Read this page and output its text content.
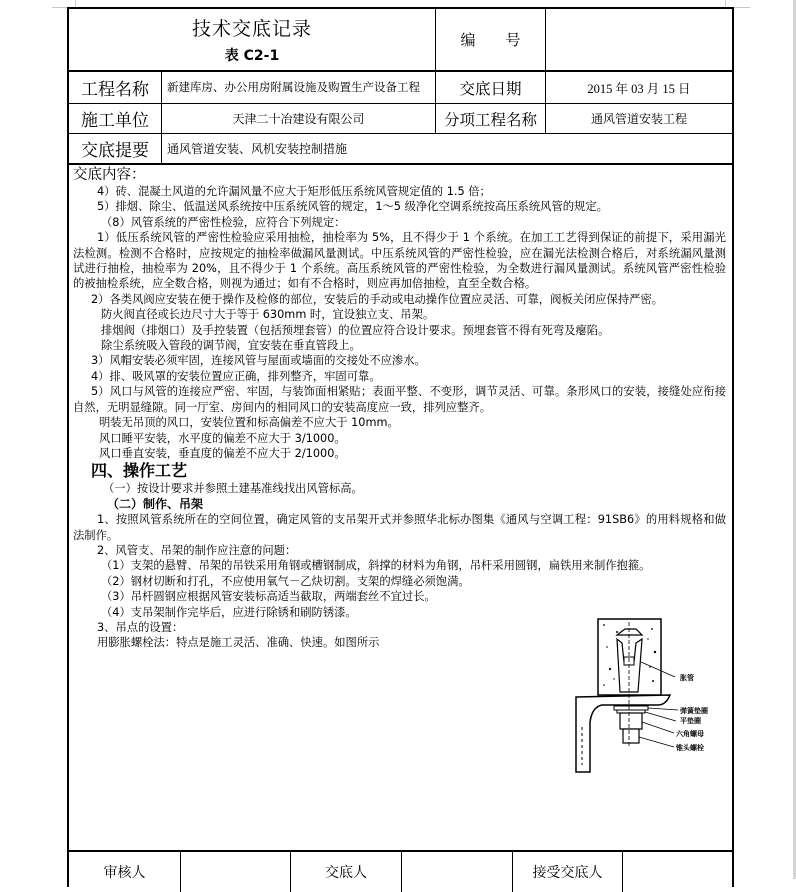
技术交底记录
表 C2-1
编　　号
工程名称	新建库房、办公用房附属设施及购置生产设备工程	交底日期	2015 年 03 月 15 日
施工单位	天津二十冶建设有限公司	分项工程名称	通风管道安装工程
交底提要	通风管道安装、风机安装控制措施

交底内容：

4）砖、混凝土风道的允许漏风量不应大于矩形低压系统风管规定值的 1.5 倍；

5）排烟、除尘、低温送风系统按中压系统风管的规定，1～5 级净化空调系统按高压系统风管的规定。

（8）风管系统的严密性检验，应符合下列规定：

1）低压系统风管的严密性检验应采用抽检，抽检率为 5%，且不得少于 1 个系统。在加工工艺得到保证的前提下，采用漏光法检测。检测不合格时，应按规定的抽检率做漏风量测试。中压系统风管的严密性检验，应在漏光法检测合格后，对系统漏风量测试进行抽检，抽检率为 20%，且不得少于 1 个系统。高压系统风管的严密性检验，为全数进行漏风量测试。系统风管严密性检验的被抽检系统，应全数合格，则视为通过；如有不合格时，则应再加倍抽检，直至全数合格。

2）各类风阀应安装在便于操作及检修的部位，安装后的手动或电动操作位置应灵活、可靠，阀板关闭应保持严密。

防火阀直径或长边尺寸大于等于 630mm 时，宜设独立支、吊架。

排烟阀（排烟口）及手控装置（包括预埋套管）的位置应符合设计要求。预埋套管不得有死弯及瘪陷。

除尘系统吸入管段的调节阀，宜安装在垂直管段上。

3）风帽安装必须牢固，连接风管与屋面或墙面的交接处不应渗水。

4）排、吸风罩的安装位置应正确，排列整齐，牢固可靠。

5）风口与风管的连接应严密、牢固，与装饰面相紧贴；表面平整、不变形，调节灵活、可靠。条形风口的安装，接缝处应衔接自然，无明显缝隙。同一厅室、房间内的相同风口的安装高度应一致，排列应整齐。

明装无吊顶的风口，安装位置和标高偏差不应大于 10mm。

风口睡平安装，水平度的偏差不应大于 3/1000。

风口垂直安装，垂直度的偏差不应大于 2/1000。

四、操作工艺

（一）按设计要求并参照土建基准线找出风管标高。

（二）制作、吊架

1、按照风管系统所在的空间位置，确定风管的支吊架开式并参照华北标办图集《通风与空调工程：91SB6》的用料规格和做法制作。

2、风管支、吊架的制作应注意的问题：

（1）支架的悬臂、吊架的吊铁采用角钢或槽钢制成，斜撑的材料为角钢，吊杆采用圆钢，扁铁用来制作抱箍。

（2）钢材切断和打孔，不应使用氧气－乙炔切割。支架的焊缝必须饱满。

（3）吊杆圆钢应根据风管安装标高适当截取，两端套丝不宜过长。

（4）支吊架制作完毕后，应进行除锈和刷防锈漆。

3、吊点的设置：

用膨胀螺栓法：特点是施工灵活、准确、快速。如图所示

胀管
弹簧垫圈
平垫圈
六角螺母
锥头螺栓
审核人	交底人	接受交底人
